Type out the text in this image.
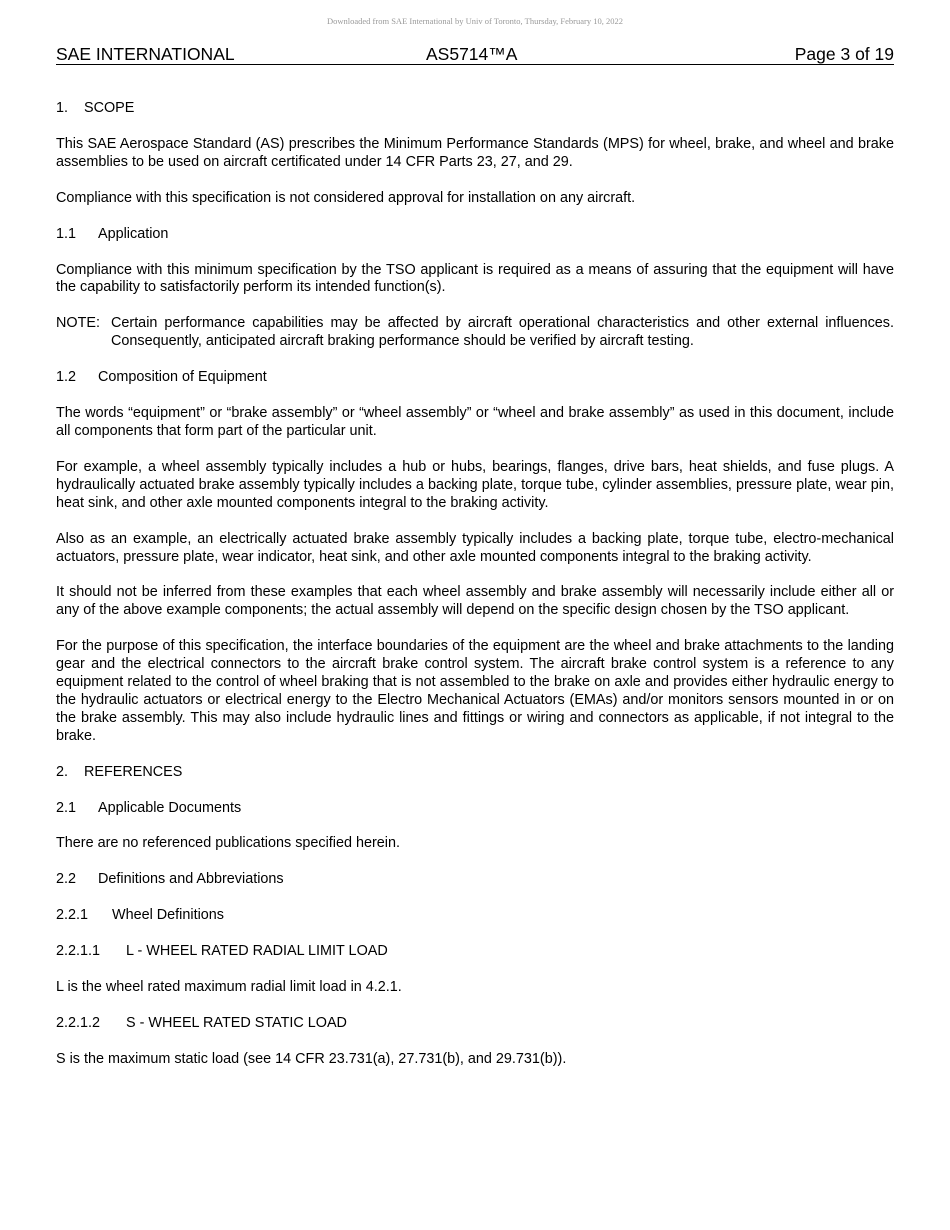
Downloaded from SAE International by Univ of Toronto, Thursday, February 10, 2022
SAE INTERNATIONAL	AS5714™A	Page 3 of 19
1. SCOPE

This SAE Aerospace Standard (AS) prescribes the Minimum Performance Standards (MPS) for wheel, brake, and wheel and brake assemblies to be used on aircraft certificated under 14 CFR Parts 23, 27, and 29.

Compliance with this specification is not considered approval for installation on any aircraft.

1.1 Application

Compliance with this minimum specification by the TSO applicant is required as a means of assuring that the equipment will have the capability to satisfactorily perform its intended function(s).

NOTE: Certain performance capabilities may be affected by aircraft operational characteristics and other external influences. Consequently, anticipated aircraft braking performance should be verified by aircraft testing.
1.2 Composition of Equipment

The words “equipment” or “brake assembly” or “wheel assembly” or “wheel and brake assembly” as used in this document, include all components that form part of the particular unit.

For example, a wheel assembly typically includes a hub or hubs, bearings, flanges, drive bars, heat shields, and fuse plugs. A hydraulically actuated brake assembly typically includes a backing plate, torque tube, cylinder assemblies, pressure plate, wear pin, heat sink, and other axle mounted components integral to the braking activity.

Also as an example, an electrically actuated brake assembly typically includes a backing plate, torque tube, electro-mechanical actuators, pressure plate, wear indicator, heat sink, and other axle mounted components integral to the braking activity.

It should not be inferred from these examples that each wheel assembly and brake assembly will necessarily include either all or any of the above example components; the actual assembly will depend on the specific design chosen by the TSO applicant.

For the purpose of this specification, the interface boundaries of the equipment are the wheel and brake attachments to the landing gear and the electrical connectors to the aircraft brake control system. The aircraft brake control system is a reference to any equipment related to the control of wheel braking that is not assembled to the brake on axle and provides either hydraulic energy to the hydraulic actuators or electrical energy to the Electro Mechanical Actuators (EMAs) and/or monitors sensors mounted in or on the brake assembly. This may also include hydraulic lines and fittings or wiring and connectors as applicable, if not integral to the brake.

2. REFERENCES
2.1 Applicable Documents

There are no referenced publications specified herein.

2.2 Definitions and Abbreviations
2.2.1 Wheel Definitions
2.2.1.1 L - WHEEL RATED RADIAL LIMIT LOAD

L is the wheel rated maximum radial limit load in 4.2.1.

2.2.1.2 S - WHEEL RATED STATIC LOAD

S is the maximum static load (see 14 CFR 23.731(a), 27.731(b), and 29.731(b)).
